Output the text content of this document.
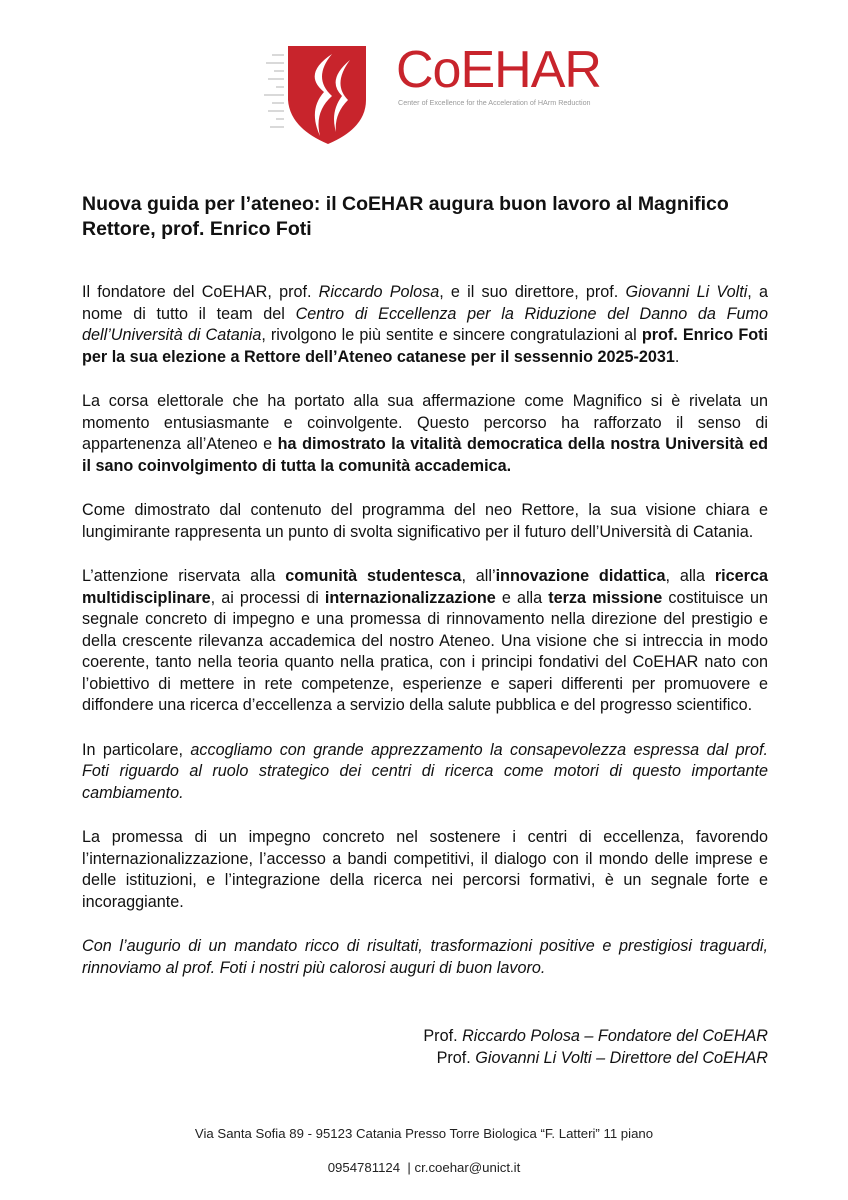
CoEHAR
Center of Excellence for the Acceleration of HArm Reduction
Nuova guida per l’ateneo: il CoEHAR augura buon lavoro al Magnifico Rettore, prof. Enrico Foti

Il fondatore del CoEHAR, prof. Riccardo Polosa, e il suo direttore, prof. Giovanni Li Volti, a nome di tutto il team del Centro di Eccellenza per la Riduzione del Danno da Fumo dell’Università di Catania, rivolgono le più sentite e sincere congratulazioni al prof. Enrico Foti per la sua elezione a Rettore dell’Ateneo catanese per il sessennio 2025-2031.

La corsa elettorale che ha portato alla sua affermazione come Magnifico si è rivelata un momento entusiasmante e coinvolgente. Questo percorso ha rafforzato il senso di appartenenza all’Ateneo e ha dimostrato la vitalità democratica della nostra Università ed il sano coinvolgimento di tutta la comunità accademica.

Come dimostrato dal contenuto del programma del neo Rettore, la sua visione chiara e lungimirante rappresenta un punto di svolta significativo per il futuro dell’Università di Catania.

L’attenzione riservata alla comunità studentesca, all’innovazione didattica, alla ricerca multidisciplinare, ai processi di internazionalizzazione e alla terza missione costituisce un segnale concreto di impegno e una promessa di rinnovamento nella direzione del prestigio e della crescente rilevanza accademica del nostro Ateneo. Una visione che si intreccia in modo coerente, tanto nella teoria quanto nella pratica, con i principi fondativi del CoEHAR nato con l’obiettivo di mettere in rete competenze, esperienze e saperi differenti per promuovere e diffondere una ricerca d’eccellenza a servizio della salute pubblica e del progresso scientifico.

In particolare, accogliamo con grande apprezzamento la consapevolezza espressa dal prof. Foti riguardo al ruolo strategico dei centri di ricerca come motori di questo importante cambiamento.

La promessa di un impegno concreto nel sostenere i centri di eccellenza, favorendo l’internazionalizzazione, l’accesso a bandi competitivi, il dialogo con il mondo delle imprese e delle istituzioni, e l’integrazione della ricerca nei percorsi formativi, è un segnale forte e incoraggiante.

Con l’augurio di un mandato ricco di risultati, trasformazioni positive e prestigiosi traguardi, rinnoviamo al prof. Foti i nostri più calorosi auguri di buon lavoro.

Prof. Riccardo Polosa – Fondatore del CoEHAR
Prof. Giovanni Li Volti – Direttore del CoEHAR
Via Santa Sofia 89 - 95123 Catania Presso Torre Biologica “F. Latteri” 11 piano
0954781124 | cr.coehar@unict.it
